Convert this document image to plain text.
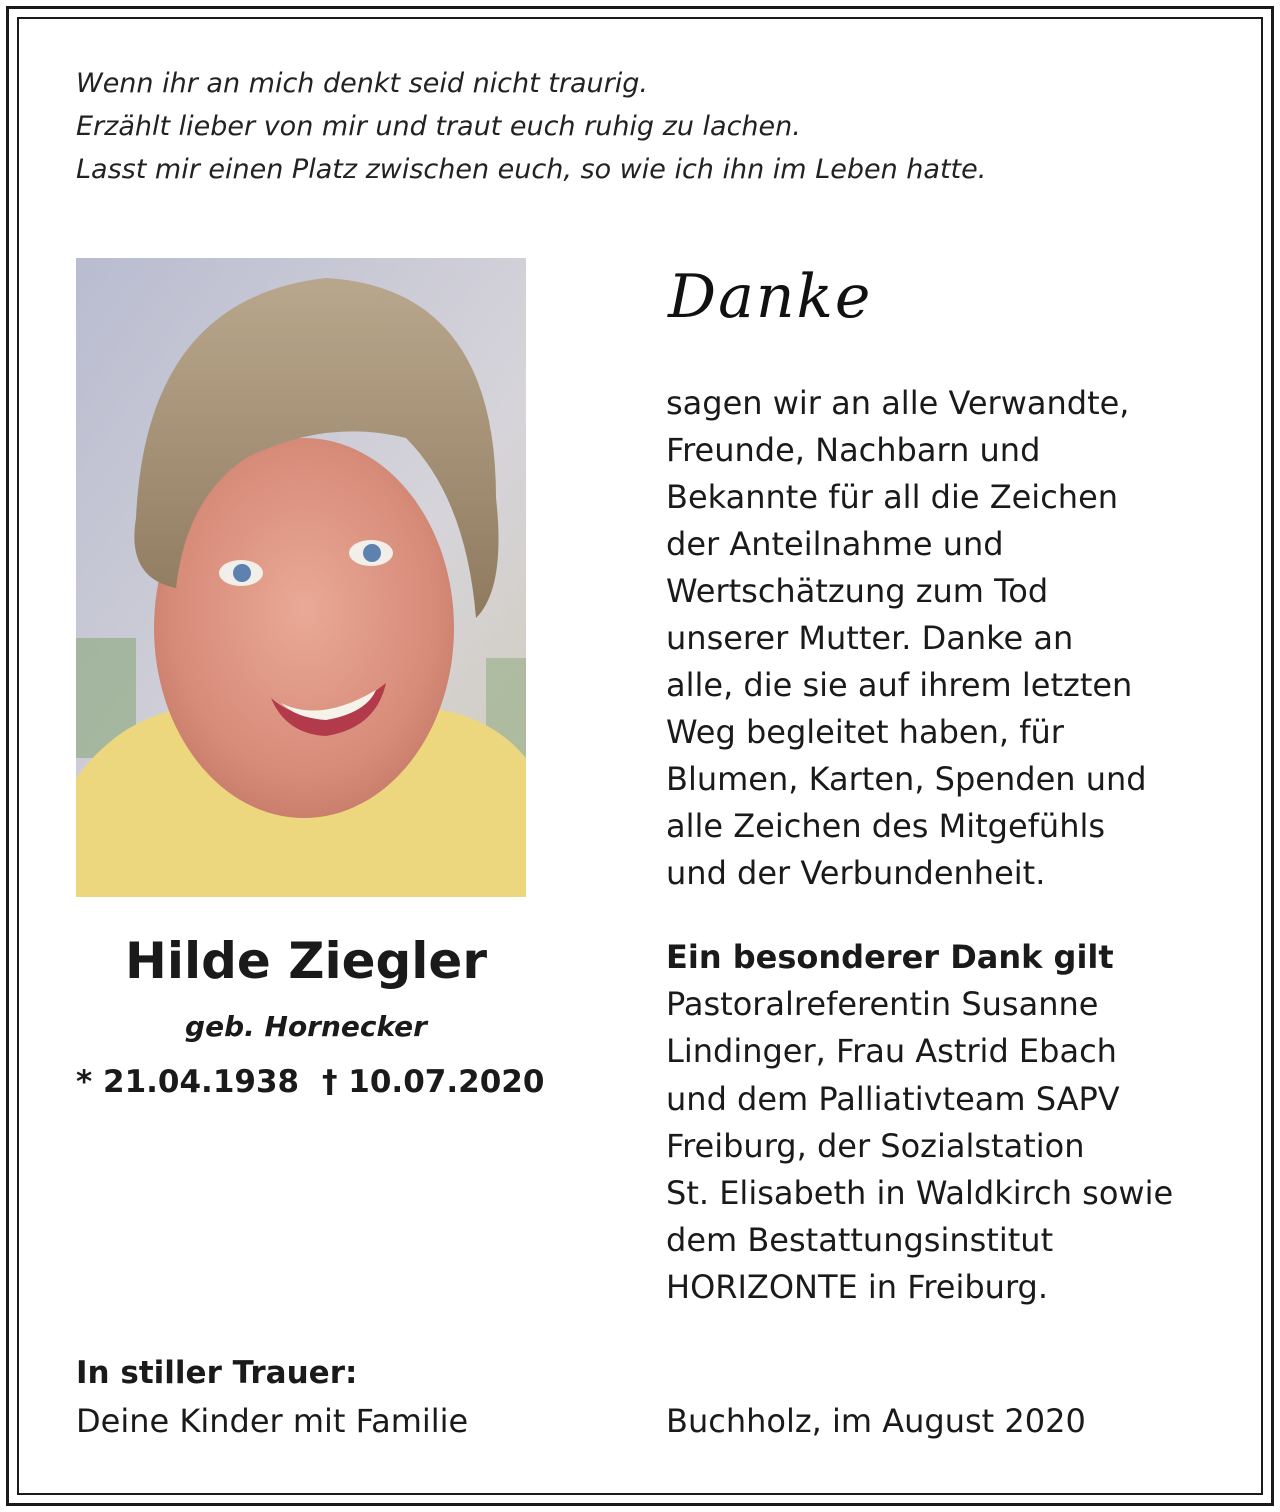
Wenn ihr an mich denkt seid nicht traurig.
Erzählt lieber von mir und traut euch ruhig zu lachen.
Lasst mir einen Platz zwischen euch, so wie ich ihn im Leben hatte.
Danke
sagen wir an alle Verwandte,
Freunde, Nachbarn und
Bekannte für all die Zeichen
der Anteilnahme und
Wertschätzung zum Tod
unserer Mutter. Danke an
alle, die sie auf ihrem letzten
Weg begleitet haben, für
Blumen, Karten, Spenden und
alle Zeichen des Mitgefühls
und der Verbundenheit.
Ein besonderer Dank gilt
Pastoralreferentin Susanne
Lindinger, Frau Astrid Ebach
und dem Palliativteam SAPV
Freiburg, der Sozialstation
St. Elisabeth in Waldkirch sowie
dem Bestattungsinstitut
HORIZONTE in Freiburg.
Hilde Ziegler
geb. Hornecker
* 21.04.1938 † 10.07.2020
In stiller Trauer:
Deine Kinder mit Familie	Buchholz, im August 2020
